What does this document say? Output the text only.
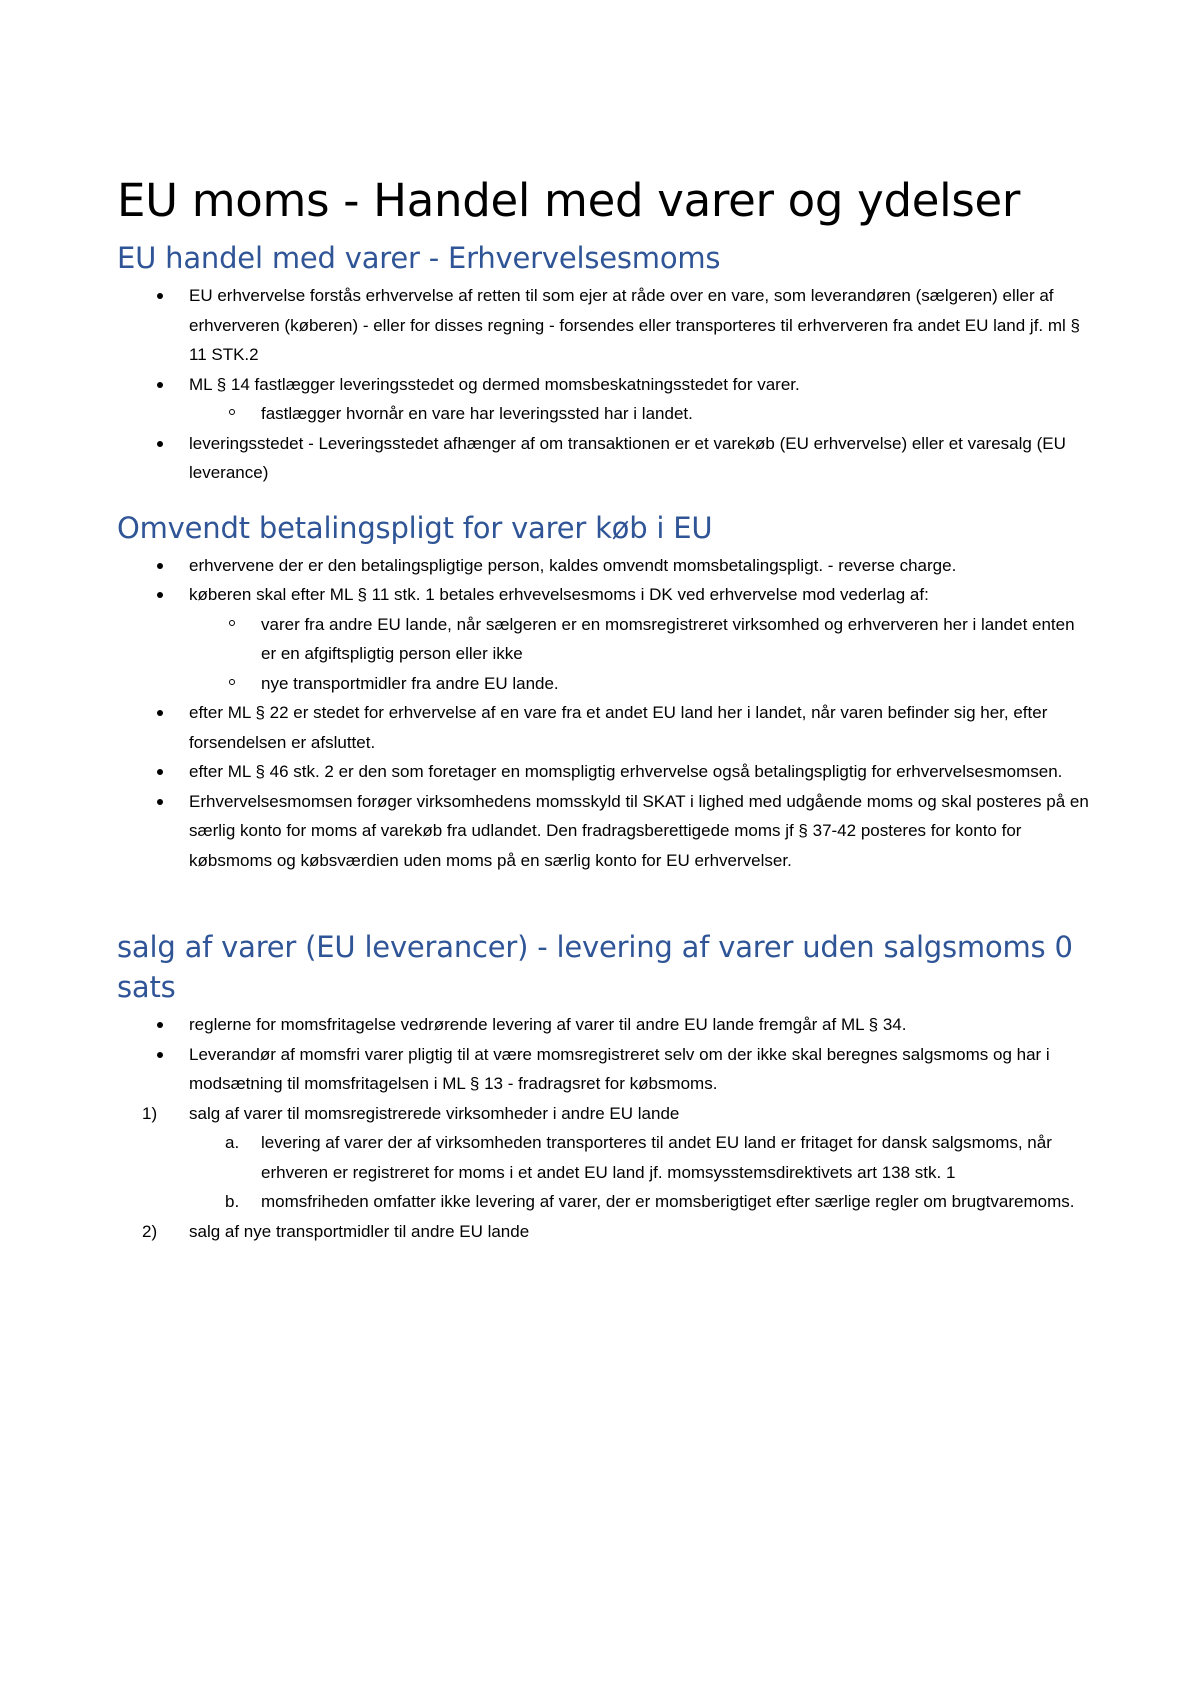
EU moms - Handel med varer og ydelser
EU handel med varer - Erhvervelsesmoms
EU erhvervelse forstås erhvervelse af retten til som ejer at råde over en vare, som leverandøren (sælgeren) eller af erhververen (køberen) - eller for disses regning - forsendes eller transporteres til erhververen fra andet EU land jf. ml § 11 STK.2
ML § 14 fastlægger leveringsstedet og dermed momsbeskatningsstedet for varer.
fastlægger hvornår en vare har leveringssted har i landet.
leveringsstedet - Leveringsstedet afhænger af om transaktionen er et varekøb (EU erhvervelse) eller et varesalg (EU leverance)
Omvendt betalingspligt for varer køb i EU
erhvervene der er den betalingspligtige person, kaldes omvendt momsbetalingspligt. - reverse charge.
køberen skal efter ML § 11 stk. 1 betales erhvevelsesmoms i DK ved erhvervelse mod vederlag af:
varer fra andre EU lande, når sælgeren er en momsregistreret virksomhed og erhververen her i landet enten er en afgiftspligtig person eller ikke
nye transportmidler fra andre EU lande.
efter ML § 22 er stedet for erhvervelse af en vare fra et andet EU land her i landet, når varen befinder sig her, efter forsendelsen er afsluttet.
efter ML § 46 stk. 2 er den som foretager en momspligtig erhvervelse også betalingspligtig for erhvervelsesmomsen.
Erhvervelsesmomsen forøger virksomhedens momsskyld til SKAT i lighed med udgående moms og skal posteres på en særlig konto for moms af varekøb fra udlandet. Den fradragsberettigede moms jf § 37-42 posteres for konto for købsmoms og købsværdien uden moms på en særlig konto for EU erhvervelser.
salg af varer (EU leverancer) - levering af varer uden salgsmoms 0 sats
reglerne for momsfritagelse vedrørende levering af varer til andre EU lande fremgår af ML § 34.
Leverandør af momsfri varer pligtig til at være momsregistreret selv om der ikke skal beregnes salgsmoms og har i modsætning til momsfritagelsen i ML § 13 - fradragsret for købsmoms.
1) salg af varer til momsregistrerede virksomheder i andre EU lande
a. levering af varer der af virksomheden transporteres til andet EU land er fritaget for dansk salgsmoms, når erhveren er registreret for moms i et andet EU land jf. momsysstemsdirektivets art 138 stk. 1
b. momsfriheden omfatter ikke levering af varer, der er momsberigtiget efter særlige regler om brugtvaremoms.
2) salg af nye transportmidler til andre EU lande
